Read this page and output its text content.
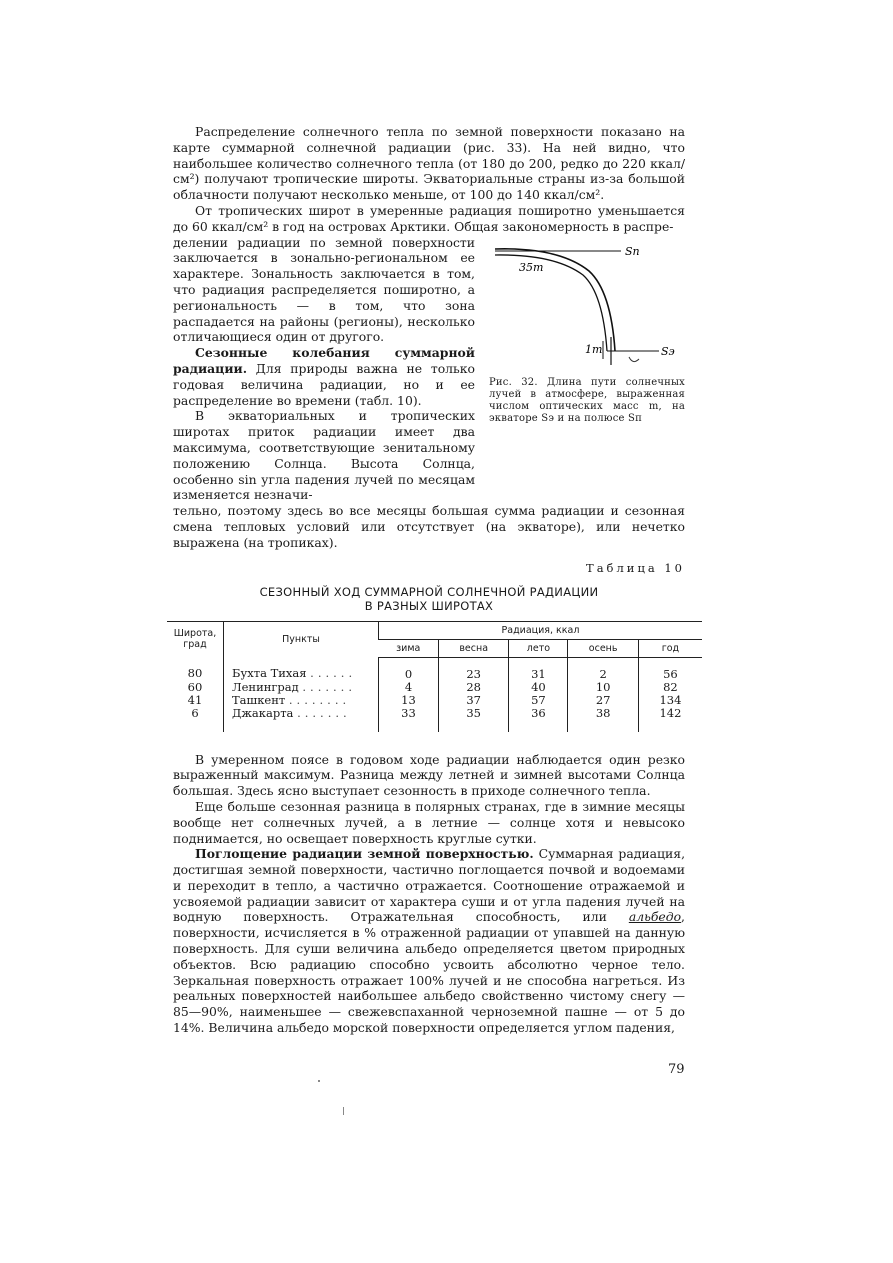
Распределение солнечного тепла по земной поверхности показано на карте суммарной солнечной радиации (рис. 33). На ней видно, что наибольшее количество солнечного тепла (от 180 до 200, редко до 220 ккал/см²) получают тропические широты. Экваториальные страны из-за большой облачности получают несколько меньше, от 100 до 140 ккал/см².

От тропических широт в умеренные радиация поширотно уменьшается до 60 ккал/см² в год на островах Арктики. Общая закономерность в распре-

делении радиации по земной поверхности заключается в зонально-региональном ее характере. Зональность заключается в том, что радиация распределяется поширотно, а региональность — в том, что зона распадается на районы (регионы), несколько отличающиеся один от другого.

Сезонные колебания суммарной радиации. Для природы важна не только годовая величина радиации, но и ее распределение во времени (табл. 10).

В экваториальных и тропических широтах приток радиации имеет два максимума, соответствующие зенитальному положению Солнца. Высота Солнца, особенно sin угла падения лучей по месяцам изменяется незначи-

35m
1m
Sп
Sэ

Рис. 32. Длина пути солнечных лучей в атмосфере, выраженная числом оптических масс m, на экваторе Sэ и на полюсе Sп

тельно, поэтому здесь во все месяцы большая сумма радиации и сезонная смена тепловых условий или отсутствует (на экваторе), или нечетко выражена (на тропиках).

Таблица 10
СЕЗОННЫЙ ХОД СУММАРНОЙ СОЛНЕЧНОЙ РАДИАЦИИ
В РАЗНЫХ ШИРОТАХ
Широта, град	Пункты	Радиация, ккал				
		зима	весна	лето	осень	год
80	Бухта Тихая ......	0	23	31	2	56
60	Ленинград .......	4	28	40	10	82
41	Ташкент ........	13	37	57	27	134
6	Джакарта .......	33	35	36	38	142

В умеренном поясе в годовом ходе радиации наблюдается один резко выраженный максимум. Разница между летней и зимней высотами Солнца большая. Здесь ясно выступает сезонность в приходе солнечного тепла.

Еще больше сезонная разница в полярных странах, где в зимние месяцы вообще нет солнечных лучей, а в летние — солнце хотя и невысоко поднимается, но освещает поверхность круглые сутки.

Поглощение радиации земной поверхностью. Суммарная радиация, достигшая земной поверхности, частично поглощается почвой и водоемами и переходит в тепло, а частично отражается. Соотношение отражаемой и усвояемой радиации зависит от характера суши и от угла падения лучей на водную поверхность. Отражательная способность, или альбедо, поверхности, исчисляется в % отраженной радиации от упавшей на данную поверхность. Для суши величина альбедо определяется цветом природных объектов. Всю радиацию способно усвоить абсолютно черное тело. Зеркальная поверхность отражает 100% лучей и не способна нагреться. Из реальных поверхностей наибольшее альбедо свойственно чистому снегу — 85—90%, наименьшее — свежевспаханной черноземной пашне — от 5 до 14%. Величина альбедо морской поверхности определяется углом падения,

79
